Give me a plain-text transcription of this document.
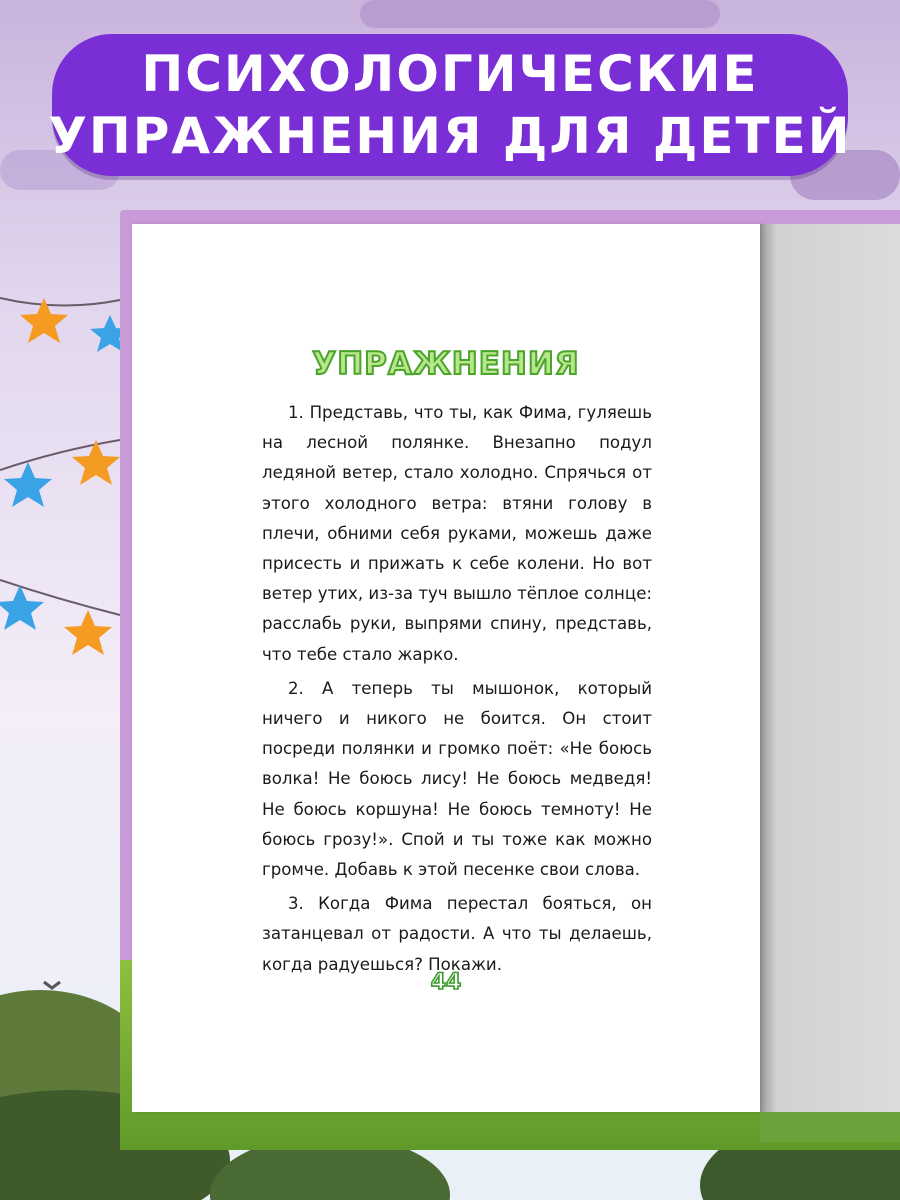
ПСИХОЛОГИЧЕСКИЕ
УПРАЖНЕНИЯ ДЛЯ ДЕТЕЙ
УПРАЖНЕНИЯ

1. Представь, что ты, как Фима, гуляешь на лесной полянке. Внезапно подул ледяной ветер, стало холодно. Спрячься от этого холодного ветра: втяни голову в плечи, обними себя руками, можешь даже присесть и прижать к себе колени. Но вот ветер утих, из-за туч вышло тёплое солнце: расслабь руки, выпрями спину, представь, что тебе стало жарко.

2. А теперь ты мышонок, который ничего и никого не боится. Он стоит посреди полянки и громко поёт: «Не боюсь волка! Не боюсь лису! Не боюсь медведя! Не боюсь коршуна! Не боюсь темноту! Не боюсь грозу!». Спой и ты тоже как можно громче. Добавь к этой песенке свои слова.

3. Когда Фима перестал бояться, он затанцевал от радости. А что ты делаешь, когда радуешься? Покажи.

44
